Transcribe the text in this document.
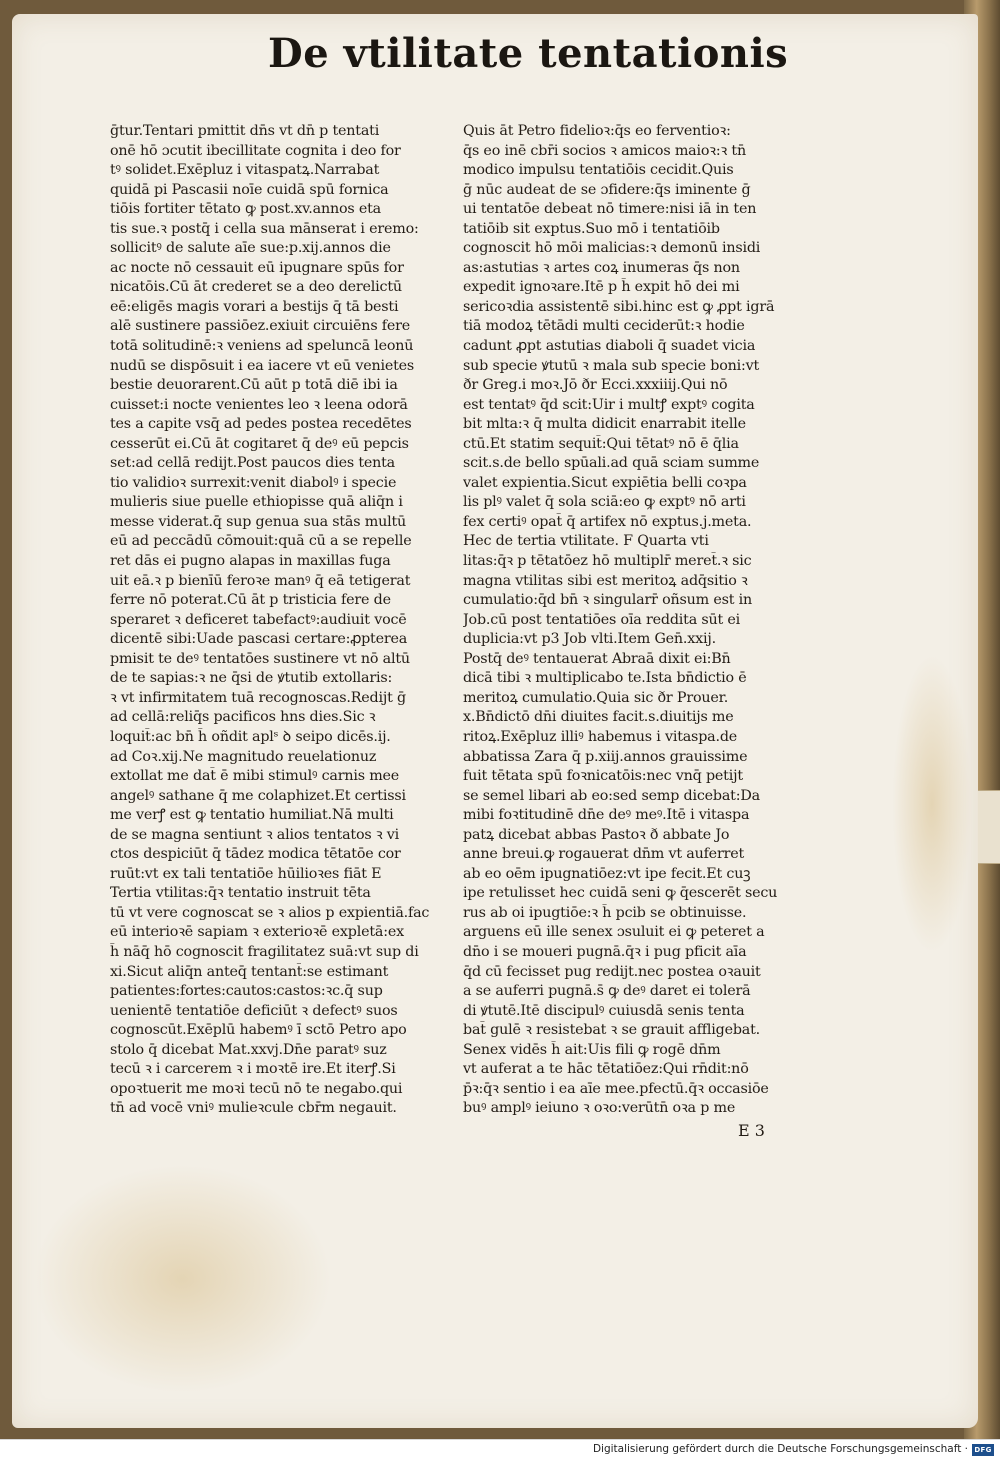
De vtilitate tentationis
ḡtur.Tentari pmittit dn̄s vt dn̄ p tentati
onē hō ɔcutit ibecillitate cognita i deo for
tꝰ solidet.Exēpluz i vitaspatꝝ.Narrabat
quidā pi Pascasii noīe cuidā spū fornica
tiōis fortiter tētato ꝙ post.xv.annos eta
tis sue.ꝛ postq̄ i cella sua mānserat i eremo:
sollicitꝰ de salute aīe sue:p.xij.annos die
ac nocte nō cessauit eū ipugnare spūs for
nicatōis.Cū āt crederet se a deo derelictū
eē:eligēs magis vorari a bestijs q̄ tā besti
alē sustinere passiōez.exiuit circuiēns fere
totā solitudinē:ꝛ veniens ad speluncā leonū
nudū se dispōsuit i ea iacere vt eū venietes
bestie deuorarent.Cū aūt p totā diē ibi ia
cuisset:i nocte venientes leo ꝛ leena odorā
tes a capite vsq̄ ad pedes postea recedētes
cesserūt ei.Cū āt cogitaret q̄ deꝰ eū pepcis
set:ad cellā redijt.Post paucos dies tenta
tio validioꝛ surrexit:venit diabolꝰ i specie
mulieris siue puelle ethiopisse quā aliq̄n i
messe viderat.q̄ sup genua sua stās multū
eū ad peccādū cōmouit:quā cū a se repelle
ret dās ei pugno alapas in maxillas fuga
uit eā.ꝛ p bienīū feroꝛe manꝰ q̄ eā tetigerat
ferre nō poterat.Cū āt p tristicia fere de
speraret ꝛ deficeret tabefactꝰ:audiuit vocē
dicentē sibi:Uade pascasi certare:ꝓpterea
pmisit te deꝰ tentatōes sustinere vt nō altū
de te sapias:ꝛ ne q̄si de ꝟtutib extollaris:
ꝛ vt infirmitatem tuā recognoscas.Redijt ḡ
ad cellā:reliq̄s pacificos hns dies.Sic ꝛ
loquit̄:ac bn̄ h̄ oñdit aplˢ ꝺ seipo dicēs.ij.
ad Coꝛ.xij.Ne magnitudo reuelationuz
extollat me dat̄ ē mibi stimulꝰ carnis mee
angelꝰ sathane q̄ me colaphizet.Et certissi
me verꝭ est ꝙ tentatio humiliat.Nā multi
de se magna sentiunt ꝛ alios tentatos ꝛ vi
ctos despiciūt q̄ tādez modica tētatōe cor
ruūt:vt ex tali tentatiōe hūilioꝛes fiāt E
Tertia vtilitas:q̄ꝛ tentatio instruit tēta
tū vt vere cognoscat se ꝛ alios p expientiā.fac
eū interioꝛē sapiam ꝛ exterioꝛē expletā:ex
h̄ nāq̄ hō cognoscit fragilitatez suā:vt sup di
xi.Sicut aliq̄n anteq̄ tentant̄:se estimant
patientes:fortes:cautos:castos:ꝛc.q̄ sup
uenientē tentatiōe deficiūt ꝛ defectꝰ suos
cognoscūt.Exēplū habemꝰ ī sctō Petro apo
stolo q̄ dicebat Mat.xxvj.Dn̄e paratꝰ suz
tecū ꝛ i carcerem ꝛ i moꝛtē ire.Et iterꝭ.Si
opoꝛtuerit me moꝛi tecū nō te negabo.qui
tn̄ ad vocē vniꝰ mulieꝛcule cbr̄m negauit.
Quis āt Petro fidelioꝛ:q̄s eo ferventioꝛ:
q̄s eo inē cbr̄i socios ꝛ amicos maioꝛ:ꝛ tn̄
modico impulsu tentatiōis cecidit.Quis
ḡ nūc audeat de se ɔfidere:q̄s iminente ḡ
ui tentatōe debeat nō timere:nisi iā in ten
tatiōib sit exptus.Suo mō i tentatiōib
cognoscit hō mōi malicias:ꝛ demonū insidi
as:astutias ꝛ artes coꝝ inumeras q̄s non
expedit ignoꝛare.Itē p h̄ expit hō dei mi
sericoꝛdia assistentē sibi.hinc est ꝙ ꝓpt igrā
tiā modoꝝ tētādi multi ceciderūt:ꝛ hodie
cadunt ꝓpt astutias diaboli q̄ suadet vicia
sub specie ꝟtutū ꝛ mala sub specie boni:vt
ðr Greg.i moꝛ.Jō ðr Ecci.xxxiiij.Qui nō
est tentatꝰ q̄d scit:Uir i multꝭ exptꝰ cogita
bit mlta:ꝛ q̄ multa didicit enarrabit itelle
ctū.Et statim sequit̄:Qui tētatꝰ nō ē q̄lia
scit.s.de bello spūali.ad quā sciam summe
valet expientia.Sicut expiētia belli coꝛpa
lis plꝰ valet q̄ sola sciā:eo ꝙ exptꝰ nō arti
fex certiꝰ opat̄ q̄ artifex nō exptus.j.meta.
Hec de tertia vtilitate. F Quarta vti
litas:q̄ꝛ p tētatōez hō multiplr̄ meret̄.ꝛ sic
magna vtilitas sibi est meritoꝝ adq̄sitio ꝛ
cumulatio:q̄d bn̄ ꝛ singularr̄ oñsum est in
Job.cū post tentatiōes oīa reddita sūt ei
duplicia:vt p3 Job vlti.Item Gen̄.xxij.
Postq̄ deꝰ tentauerat Abraā dixit ei:Bn̄
dicā tibi ꝛ multiplicabo te.Ista bn̄dictio ē
meritoꝝ cumulatio.Quia sic ðr Prouer.
x.Bn̄dictō dn̄i diuites facit.s.diuitijs me
ritoꝝ.Exēpluz illiꝰ habemus i vitaspa.de
abbatissa Zara q̄ p.xiij.annos grauissime
fuit tētata spū foꝛnicatōis:nec vnq̄ petijt
se semel libari ab eo:sed semp dicebat:Da
mibi foꝛtitudinē dn̄e deꝰ meꝰ.Itē i vitaspa
patꝝ dicebat abbas Pastoꝛ ð abbate Jo
anne breui.ꝙ rogauerat dn̄m vt auferret
ab eo oēm ipugnatiōez:vt ipe fecit.Et cuꝫ
ipe retulisset hec cuidā seni ꝙ q̄escerēt secu
rus ab oi ipugtiōe:ꝛ h̄ pcib se obtinuisse.
arguens eū ille senex ɔsuluit ei ꝙ peteret a
dn̄o i se moueri pugnā.q̄ꝛ i pug pficit aīa
q̄d cū fecisset pug redijt.nec postea oꝛauit
a se auferri pugnā.s̄ ꝙ deꝰ daret ei tolerā
di ꝟtutē.Itē discipulꝰ cuiusdā senis tenta
bat̄ gulē ꝛ resistebat ꝛ se grauit affligebat.
Senex vidēs h̄ ait:Uis fili ꝙ rogē dn̄m
vt auferat a te hāc tētatiōez:Qui rn̄dit:nō
p̄ꝛ:q̄ꝛ sentio i ea aīe mee.pfectū.q̄ꝛ occasiōe
buꝰ amplꝰ ieiuno ꝛ oꝛo:verūtn̄ oꝛa p me
E 3
Digitalisierung gefördert durch die Deutsche Forschungsgemeinschaft · DFG
